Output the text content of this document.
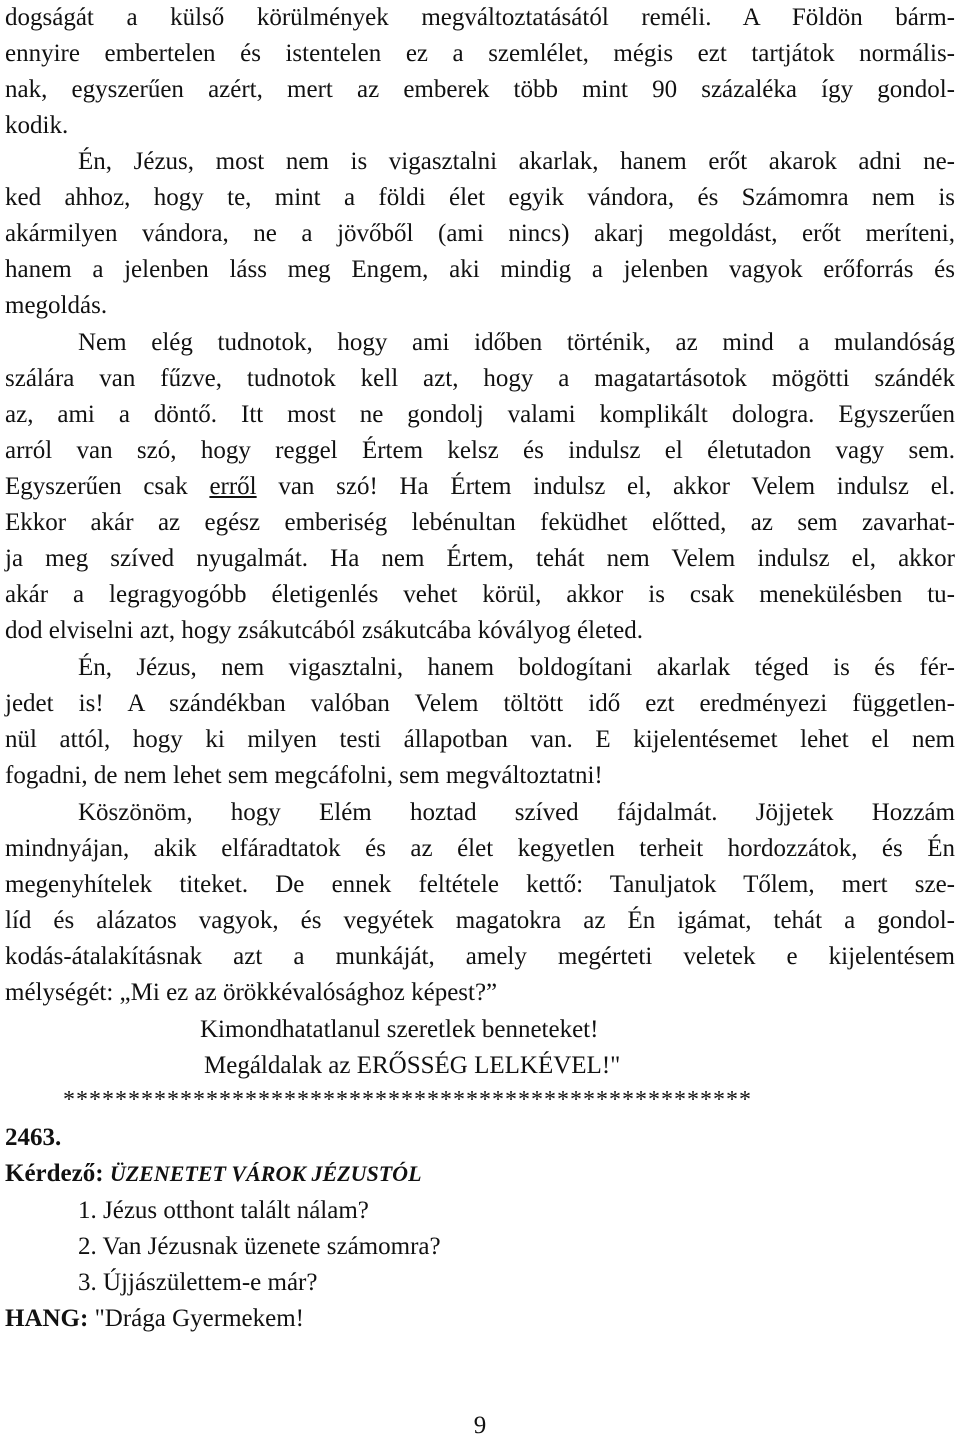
dogságát a külső körülmények megváltoztatásától reméli. A Földön bárm-
ennyire embertelen és istentelen ez a szemlélet, mégis ezt tartjátok normális-
nak, egyszerűen azért, mert az emberek több mint 90 százaléka így gondol-
kodik.
Én, Jézus, most nem is vigasztalni akarlak, hanem erőt akarok adni ne-
ked ahhoz, hogy te, mint a földi élet egyik vándora, és Számomra nem is
akármilyen vándora, ne a jövőből (ami nincs) akarj megoldást, erőt meríteni,
hanem a jelenben láss meg Engem, aki mindig a jelenben vagyok erőforrás és
megoldás.
Nem elég tudnotok, hogy ami időben történik, az mind a mulandóság
szálára van fűzve, tudnotok kell azt, hogy a magatartásotok mögötti szándék
az, ami a döntő. Itt most ne gondolj valami komplikált dologra. Egyszerűen
arról van szó, hogy reggel Értem kelsz és indulsz el életutadon vagy sem.
Egyszerűen csak erről van szó! Ha Értem indulsz el, akkor Velem indulsz el.
Ekkor akár az egész emberiség lebénultan feküdhet előtted, az sem zavarhat-
ja meg szíved nyugalmát. Ha nem Értem, tehát nem Velem indulsz el, akkor
akár a legragyogóbb életigenlés vehet körül, akkor is csak menekülésben tu-
dod elviselni azt, hogy zsákutcából zsákutcába kóvályog életed.
Én, Jézus, nem vigasztalni, hanem boldogítani akarlak téged is és fér-
jedet is! A szándékban valóban Velem töltött idő ezt eredményezi független-
nül attól, hogy ki milyen testi állapotban van. E kijelentésemet lehet el nem
fogadni, de nem lehet sem megcáfolni, sem megváltoztatni!
Köszönöm, hogy Elém hoztad szíved fájdalmát. Jöjjetek Hozzám
mindnyájan, akik elfáradtatok és az élet kegyetlen terheit hordozzátok, és Én
megenyhítelek titeket. De ennek feltétele kettő: Tanuljatok Tőlem, mert sze-
líd és alázatos vagyok, és vegyétek magatokra az Én igámat, tehát a gondol-
kodás-átalakításnak azt a munkáját, amely megérteti veletek e kijelentésem
mélységét: „Mi ez az örökkévalósághoz képest?”
Kimondhatatlanul szeretlek benneteket!
Megáldalak az ERŐSSÉG LELKÉVEL!"
*****************************************************
2463.
Kérdező: ÜZENETET VÁROK JÉZUSTÓL
1. Jézus otthont talált nálam?
2. Van Jézusnak üzenete számomra?
3. Újjászülettem-e már?
HANG: "Drága Gyermekem!
9
